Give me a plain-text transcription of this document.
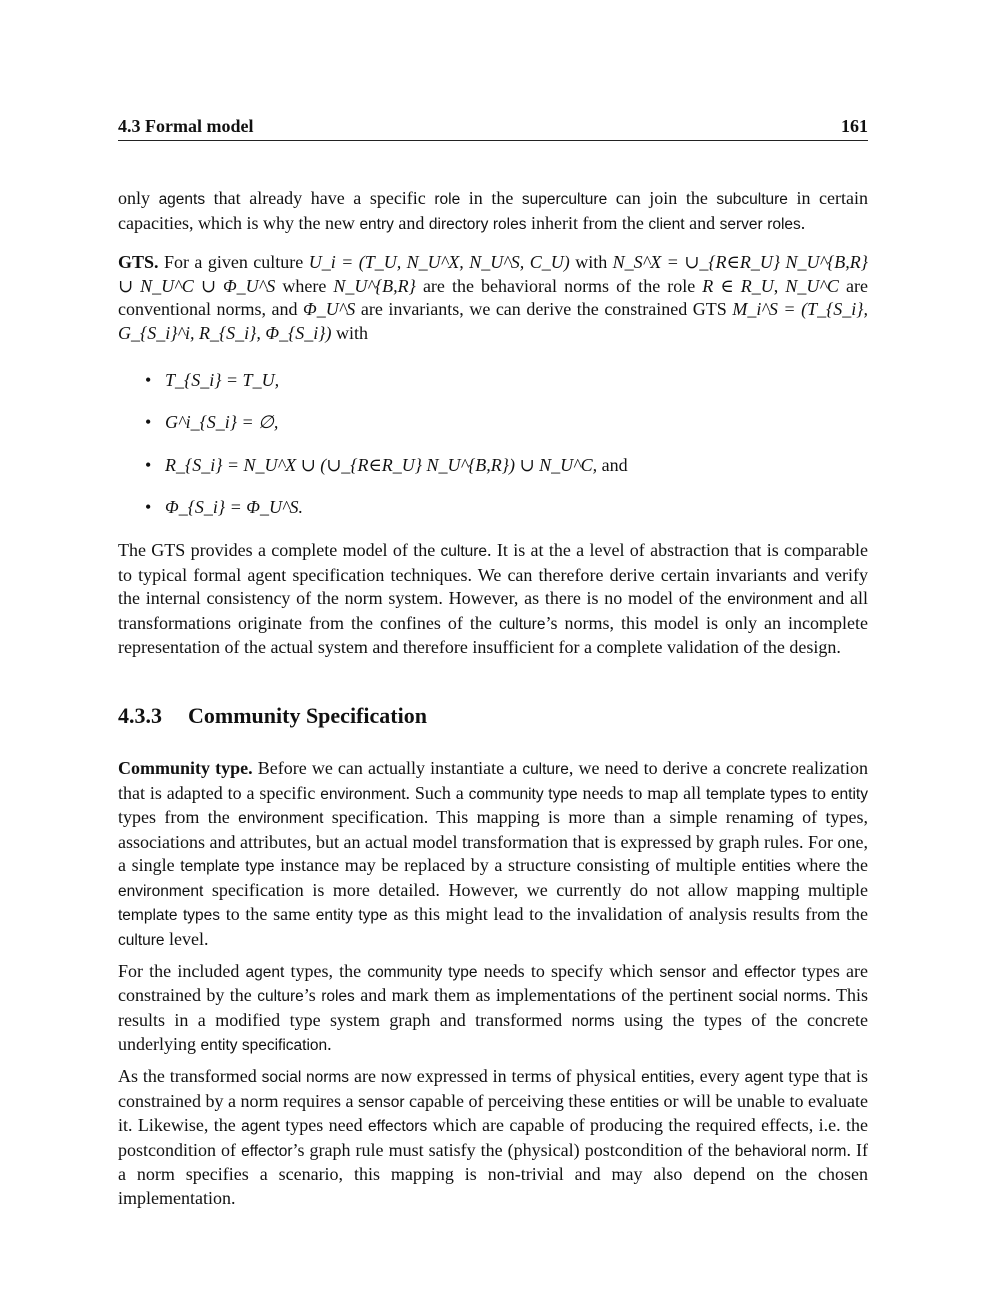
4.3 Formal model	161

only agents that already have a specific role in the superculture can join the subculture in certain capacities, which is why the new entry and directory roles inherit from the client and server roles.

GTS. For a given culture U_i = (T_U, N_U^X, N_U^S, C_U) with N_S^X = ∪_{R∈R_U} N_U^{B,R} ∪ N_U^C ∪ Φ_U^S where N_U^{B,R} are the behavioral norms of the role R ∈ R_U, N_U^C are conventional norms, and Φ_U^S are invariants, we can derive the constrained GTS M_i^S = (T_{S_i}, G_{S_i}^i, R_{S_i}, Φ_{S_i}) with

• T_{S_i} = T_U,
• G^i_{S_i} = ∅,
• R_{S_i} = N_U^X ∪ (∪_{R∈R_U} N_U^{B,R}) ∪ N_U^C, and
• Φ_{S_i} = Φ_U^S.

The GTS provides a complete model of the culture. It is at the a level of abstraction that is comparable to typical formal agent specification techniques. We can therefore derive certain invariants and verify the internal consistency of the norm system. However, as there is no model of the environment and all transformations originate from the confines of the culture’s norms, this model is only an incomplete representation of the actual system and therefore insufficient for a complete validation of the design.

4.3.3 Community Specification

Community type. Before we can actually instantiate a culture, we need to derive a concrete realization that is adapted to a specific environment. Such a community type needs to map all template types to entity types from the environment specification. This mapping is more than a simple renaming of types, associations and attributes, but an actual model transformation that is expressed by graph rules. For one, a single template type instance may be replaced by a structure consisting of multiple entities where the environment specification is more detailed. However, we currently do not allow mapping multiple template types to the same entity type as this might lead to the invalidation of analysis results from the culture level.

For the included agent types, the community type needs to specify which sensor and effector types are constrained by the culture’s roles and mark them as implementations of the pertinent social norms. This results in a modified type system graph and transformed norms using the types of the concrete underlying entity specification.

As the transformed social norms are now expressed in terms of physical entities, every agent type that is constrained by a norm requires a sensor capable of perceiving these entities or will be unable to evaluate it. Likewise, the agent types need effectors which are capable of producing the required effects, i.e. the postcondition of effector’s graph rule must satisfy the (physical) postcondition of the behavioral norm. If a norm specifies a scenario, this mapping is non-trivial and may also depend on the chosen implementation.
